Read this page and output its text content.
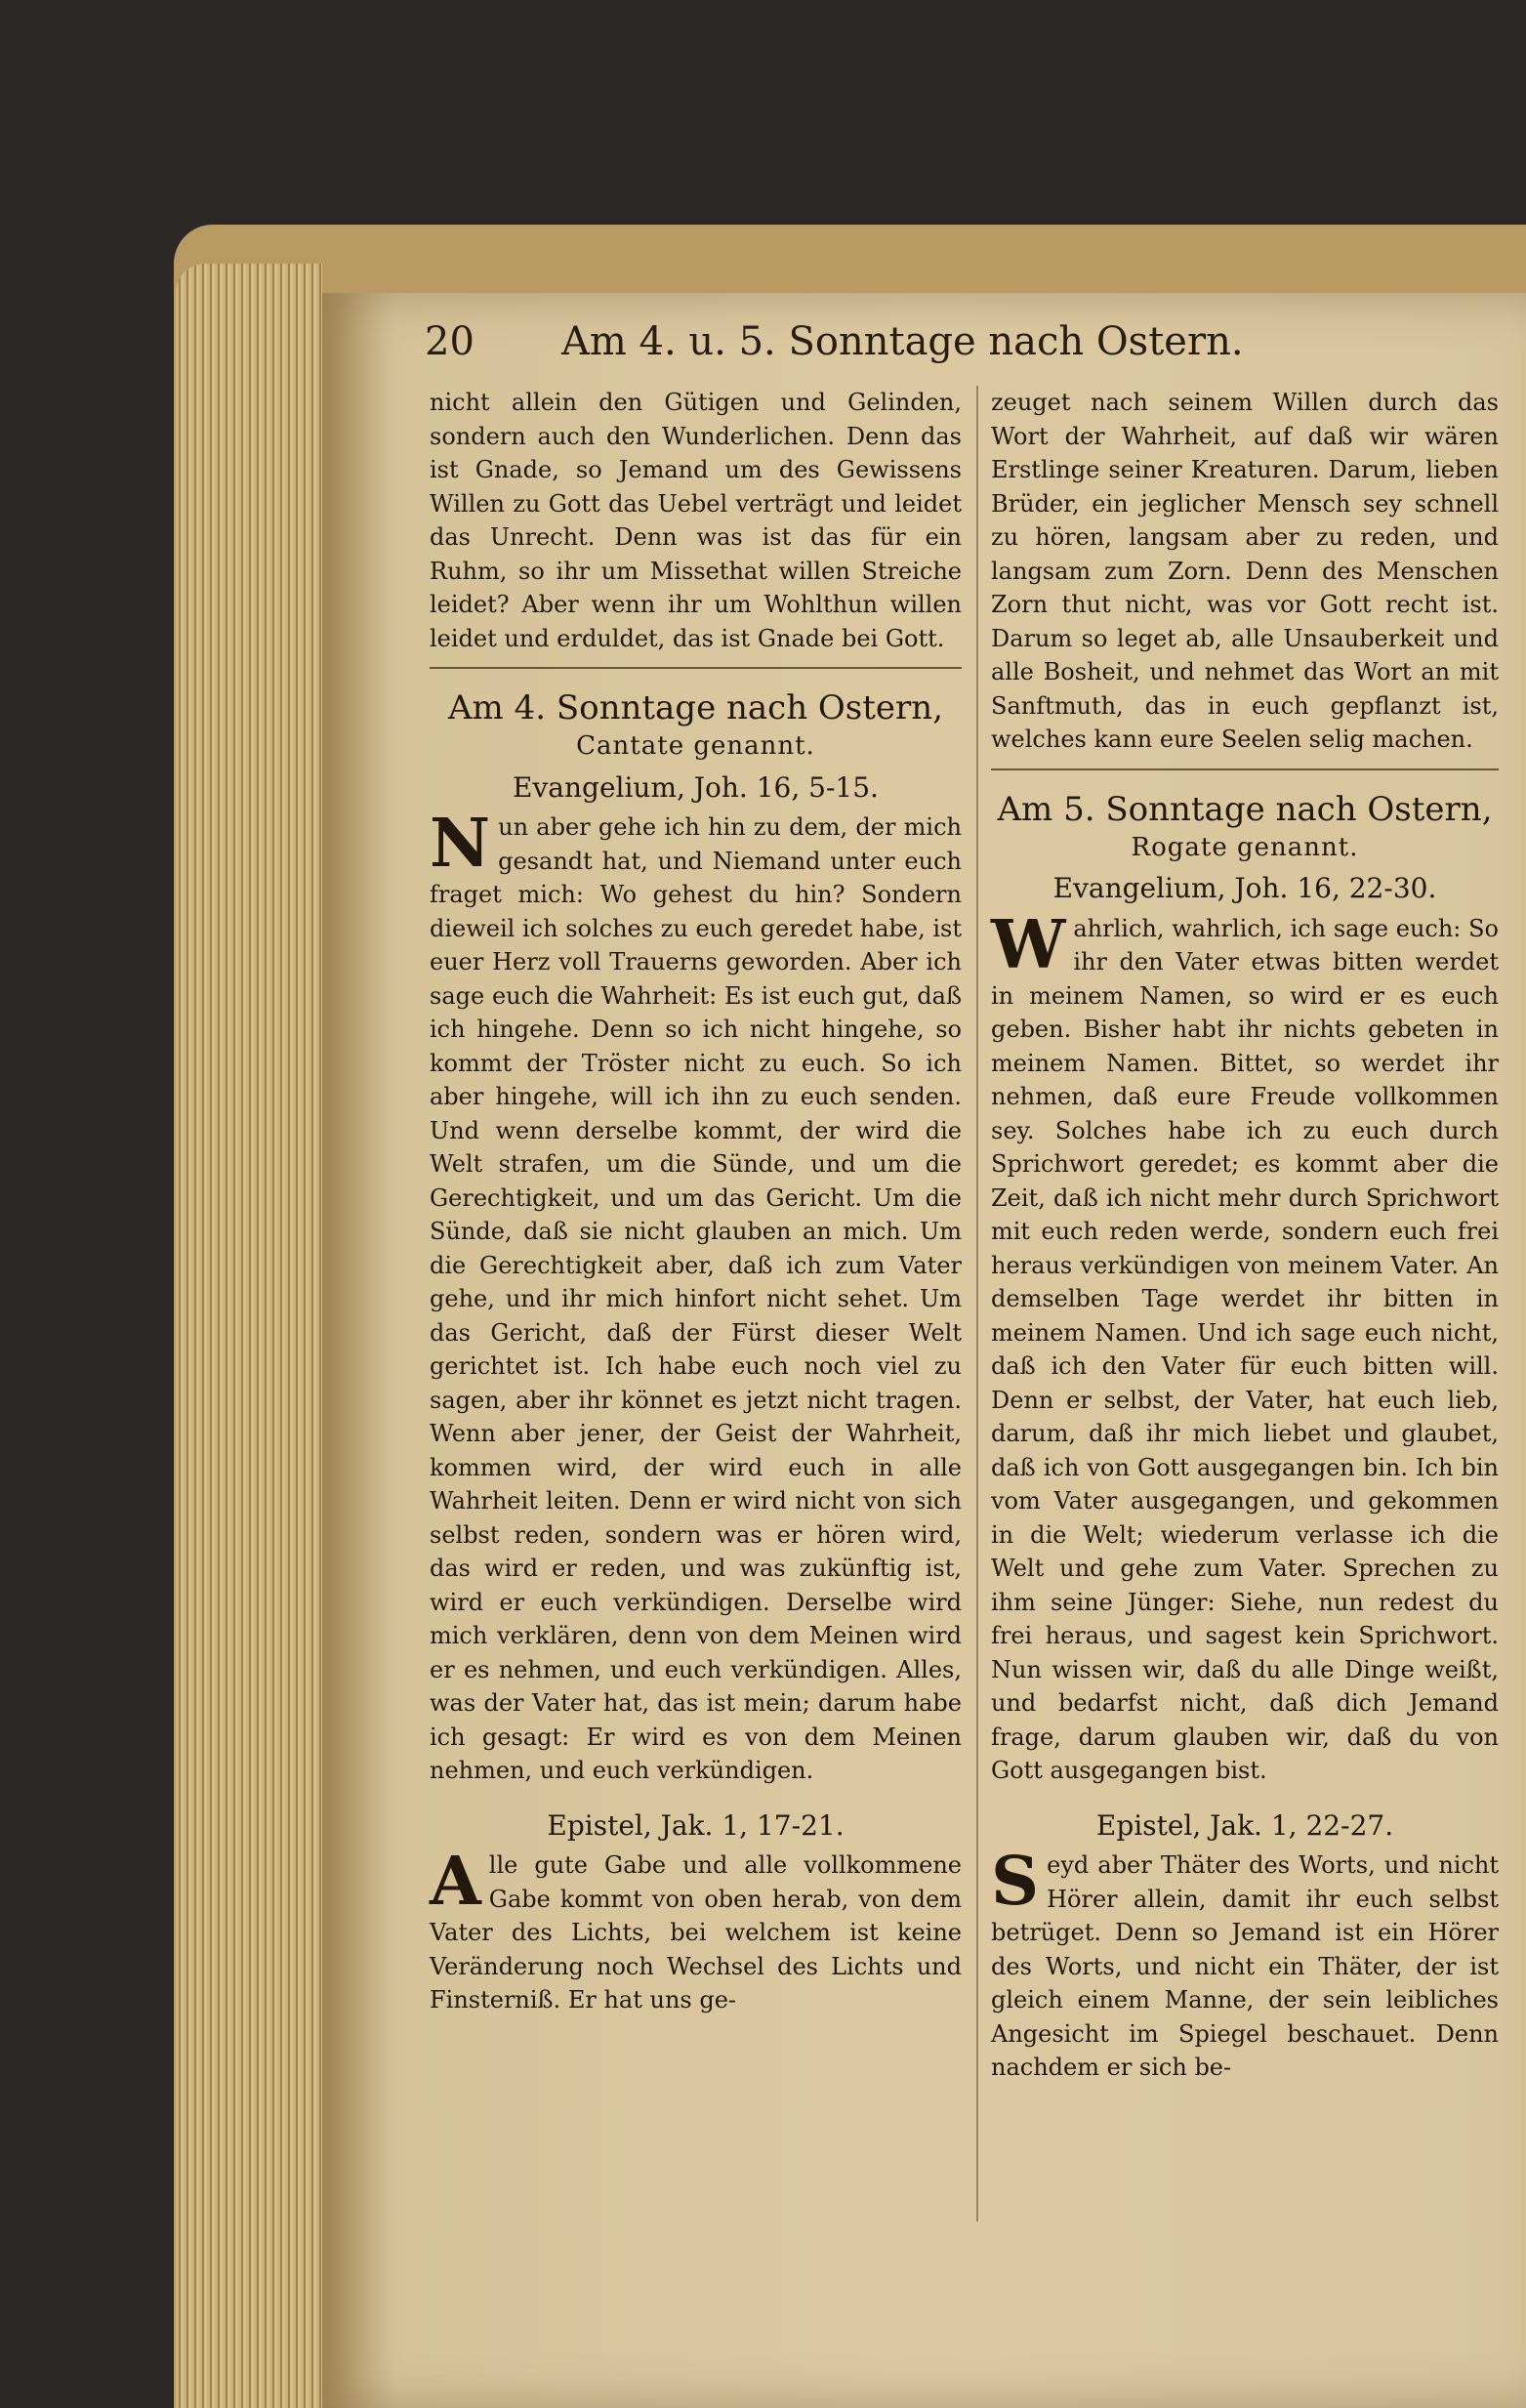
20	Am 4. u. 5. Sonntage nach Ostern.

nicht allein den Gütigen und Gelinden, sondern auch den Wunderlichen. Denn das ist Gnade, so Jemand um des Gewissens Willen zu Gott das Uebel verträgt und leidet das Unrecht. Denn was ist das für ein Ruhm, so ihr um Missethat willen Streiche leidet? Aber wenn ihr um Wohlthun willen leidet und erduldet, das ist Gnade bei Gott.

Am 4. Sonntage nach Ostern,
Cantate genannt.
Evangelium, Joh. 16, 5-15.

Nun aber gehe ich hin zu dem, der mich gesandt hat, und Niemand unter euch fraget mich: Wo gehest du hin? Sondern dieweil ich solches zu euch geredet habe, ist euer Herz voll Trauerns geworden. Aber ich sage euch die Wahrheit: Es ist euch gut, daß ich hingehe. Denn so ich nicht hingehe, so kommt der Tröster nicht zu euch. So ich aber hingehe, will ich ihn zu euch senden. Und wenn derselbe kommt, der wird die Welt strafen, um die Sünde, und um die Gerechtigkeit, und um das Gericht. Um die Sünde, daß sie nicht glauben an mich. Um die Gerechtigkeit aber, daß ich zum Vater gehe, und ihr mich hinfort nicht sehet. Um das Gericht, daß der Fürst dieser Welt gerichtet ist. Ich habe euch noch viel zu sagen, aber ihr könnet es jetzt nicht tragen. Wenn aber jener, der Geist der Wahrheit, kommen wird, der wird euch in alle Wahrheit leiten. Denn er wird nicht von sich selbst reden, sondern was er hören wird, das wird er reden, und was zukünftig ist, wird er euch verkündigen. Derselbe wird mich verklären, denn von dem Meinen wird er es nehmen, und euch verkündigen. Alles, was der Vater hat, das ist mein; darum habe ich gesagt: Er wird es von dem Meinen nehmen, und euch verkündigen.

Epistel, Jak. 1, 17-21.

Alle gute Gabe und alle vollkommene Gabe kommt von oben herab, von dem Vater des Lichts, bei welchem ist keine Veränderung noch Wechsel des Lichts und Finsterniß. Er hat uns ge-

zeuget nach seinem Willen durch das Wort der Wahrheit, auf daß wir wären Erstlinge seiner Kreaturen. Darum, lieben Brüder, ein jeglicher Mensch sey schnell zu hören, langsam aber zu reden, und langsam zum Zorn. Denn des Menschen Zorn thut nicht, was vor Gott recht ist. Darum so leget ab, alle Unsauberkeit und alle Bosheit, und nehmet das Wort an mit Sanftmuth, das in euch gepflanzt ist, welches kann eure Seelen selig machen.

Am 5. Sonntage nach Ostern,
Rogate genannt.
Evangelium, Joh. 16, 22-30.

Wahrlich, wahrlich, ich sage euch: So ihr den Vater etwas bitten werdet in meinem Namen, so wird er es euch geben. Bisher habt ihr nichts gebeten in meinem Namen. Bittet, so werdet ihr nehmen, daß eure Freude vollkommen sey. Solches habe ich zu euch durch Sprichwort geredet; es kommt aber die Zeit, daß ich nicht mehr durch Sprichwort mit euch reden werde, sondern euch frei heraus verkündigen von meinem Vater. An demselben Tage werdet ihr bitten in meinem Namen. Und ich sage euch nicht, daß ich den Vater für euch bitten will. Denn er selbst, der Vater, hat euch lieb, darum, daß ihr mich liebet und glaubet, daß ich von Gott ausgegangen bin. Ich bin vom Vater ausgegangen, und gekommen in die Welt; wiederum verlasse ich die Welt und gehe zum Vater. Sprechen zu ihm seine Jünger: Siehe, nun redest du frei heraus, und sagest kein Sprichwort. Nun wissen wir, daß du alle Dinge weißt, und bedarfst nicht, daß dich Jemand frage, darum glauben wir, daß du von Gott ausgegangen bist.

Epistel, Jak. 1, 22-27.

Seyd aber Thäter des Worts, und nicht Hörer allein, damit ihr euch selbst betrüget. Denn so Jemand ist ein Hörer des Worts, und nicht ein Thäter, der ist gleich einem Manne, der sein leibliches Angesicht im Spiegel beschauet. Denn nachdem er sich be-
